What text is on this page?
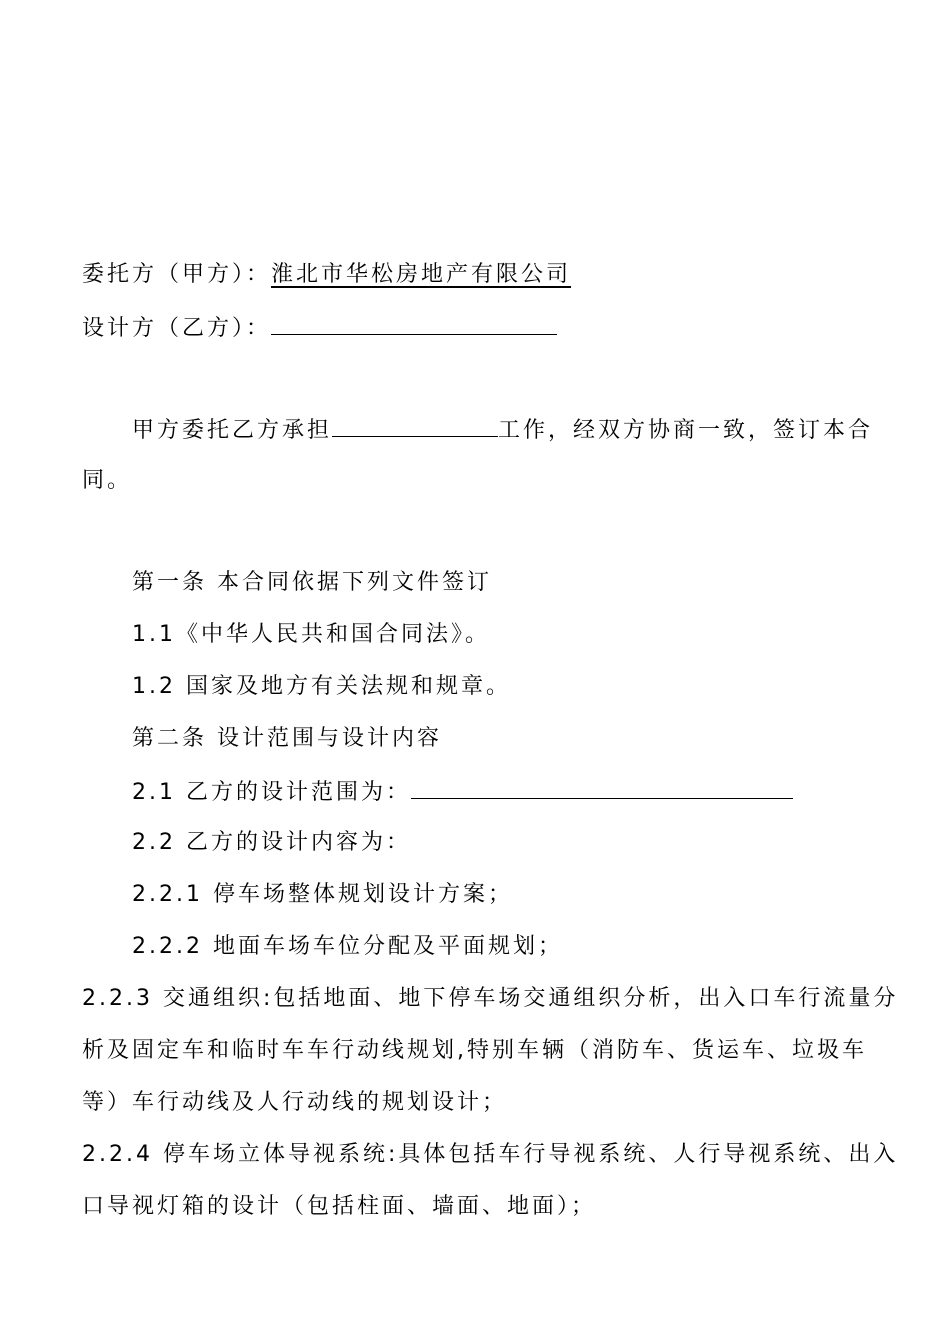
委托方（甲方）：淮北市华松房地产有限公司
设计方（乙方）：
甲方委托乙方承担	工作，经双方协商一致，签订本合
同。
第一条 本合同依据下列文件签订
1.1《中华人民共和国合同法》。
1.2 国家及地方有关法规和规章。
第二条 设计范围与设计内容
2.1 乙方的设计范围为：
2.2 乙方的设计内容为：
2.2.1 停车场整体规划设计方案；
2.2.2 地面车场车位分配及平面规划；
2.2.3 交通组织:包括地面、地下停车场交通组织分析，出入口车行流量分
析及固定车和临时车车行动线规划,特别车辆（消防车、货运车、垃圾车
等）车行动线及人行动线的规划设计；
2.2.4 停车场立体导视系统:具体包括车行导视系统、人行导视系统、出入
口导视灯箱的设计（包括柱面、墙面、地面）；
